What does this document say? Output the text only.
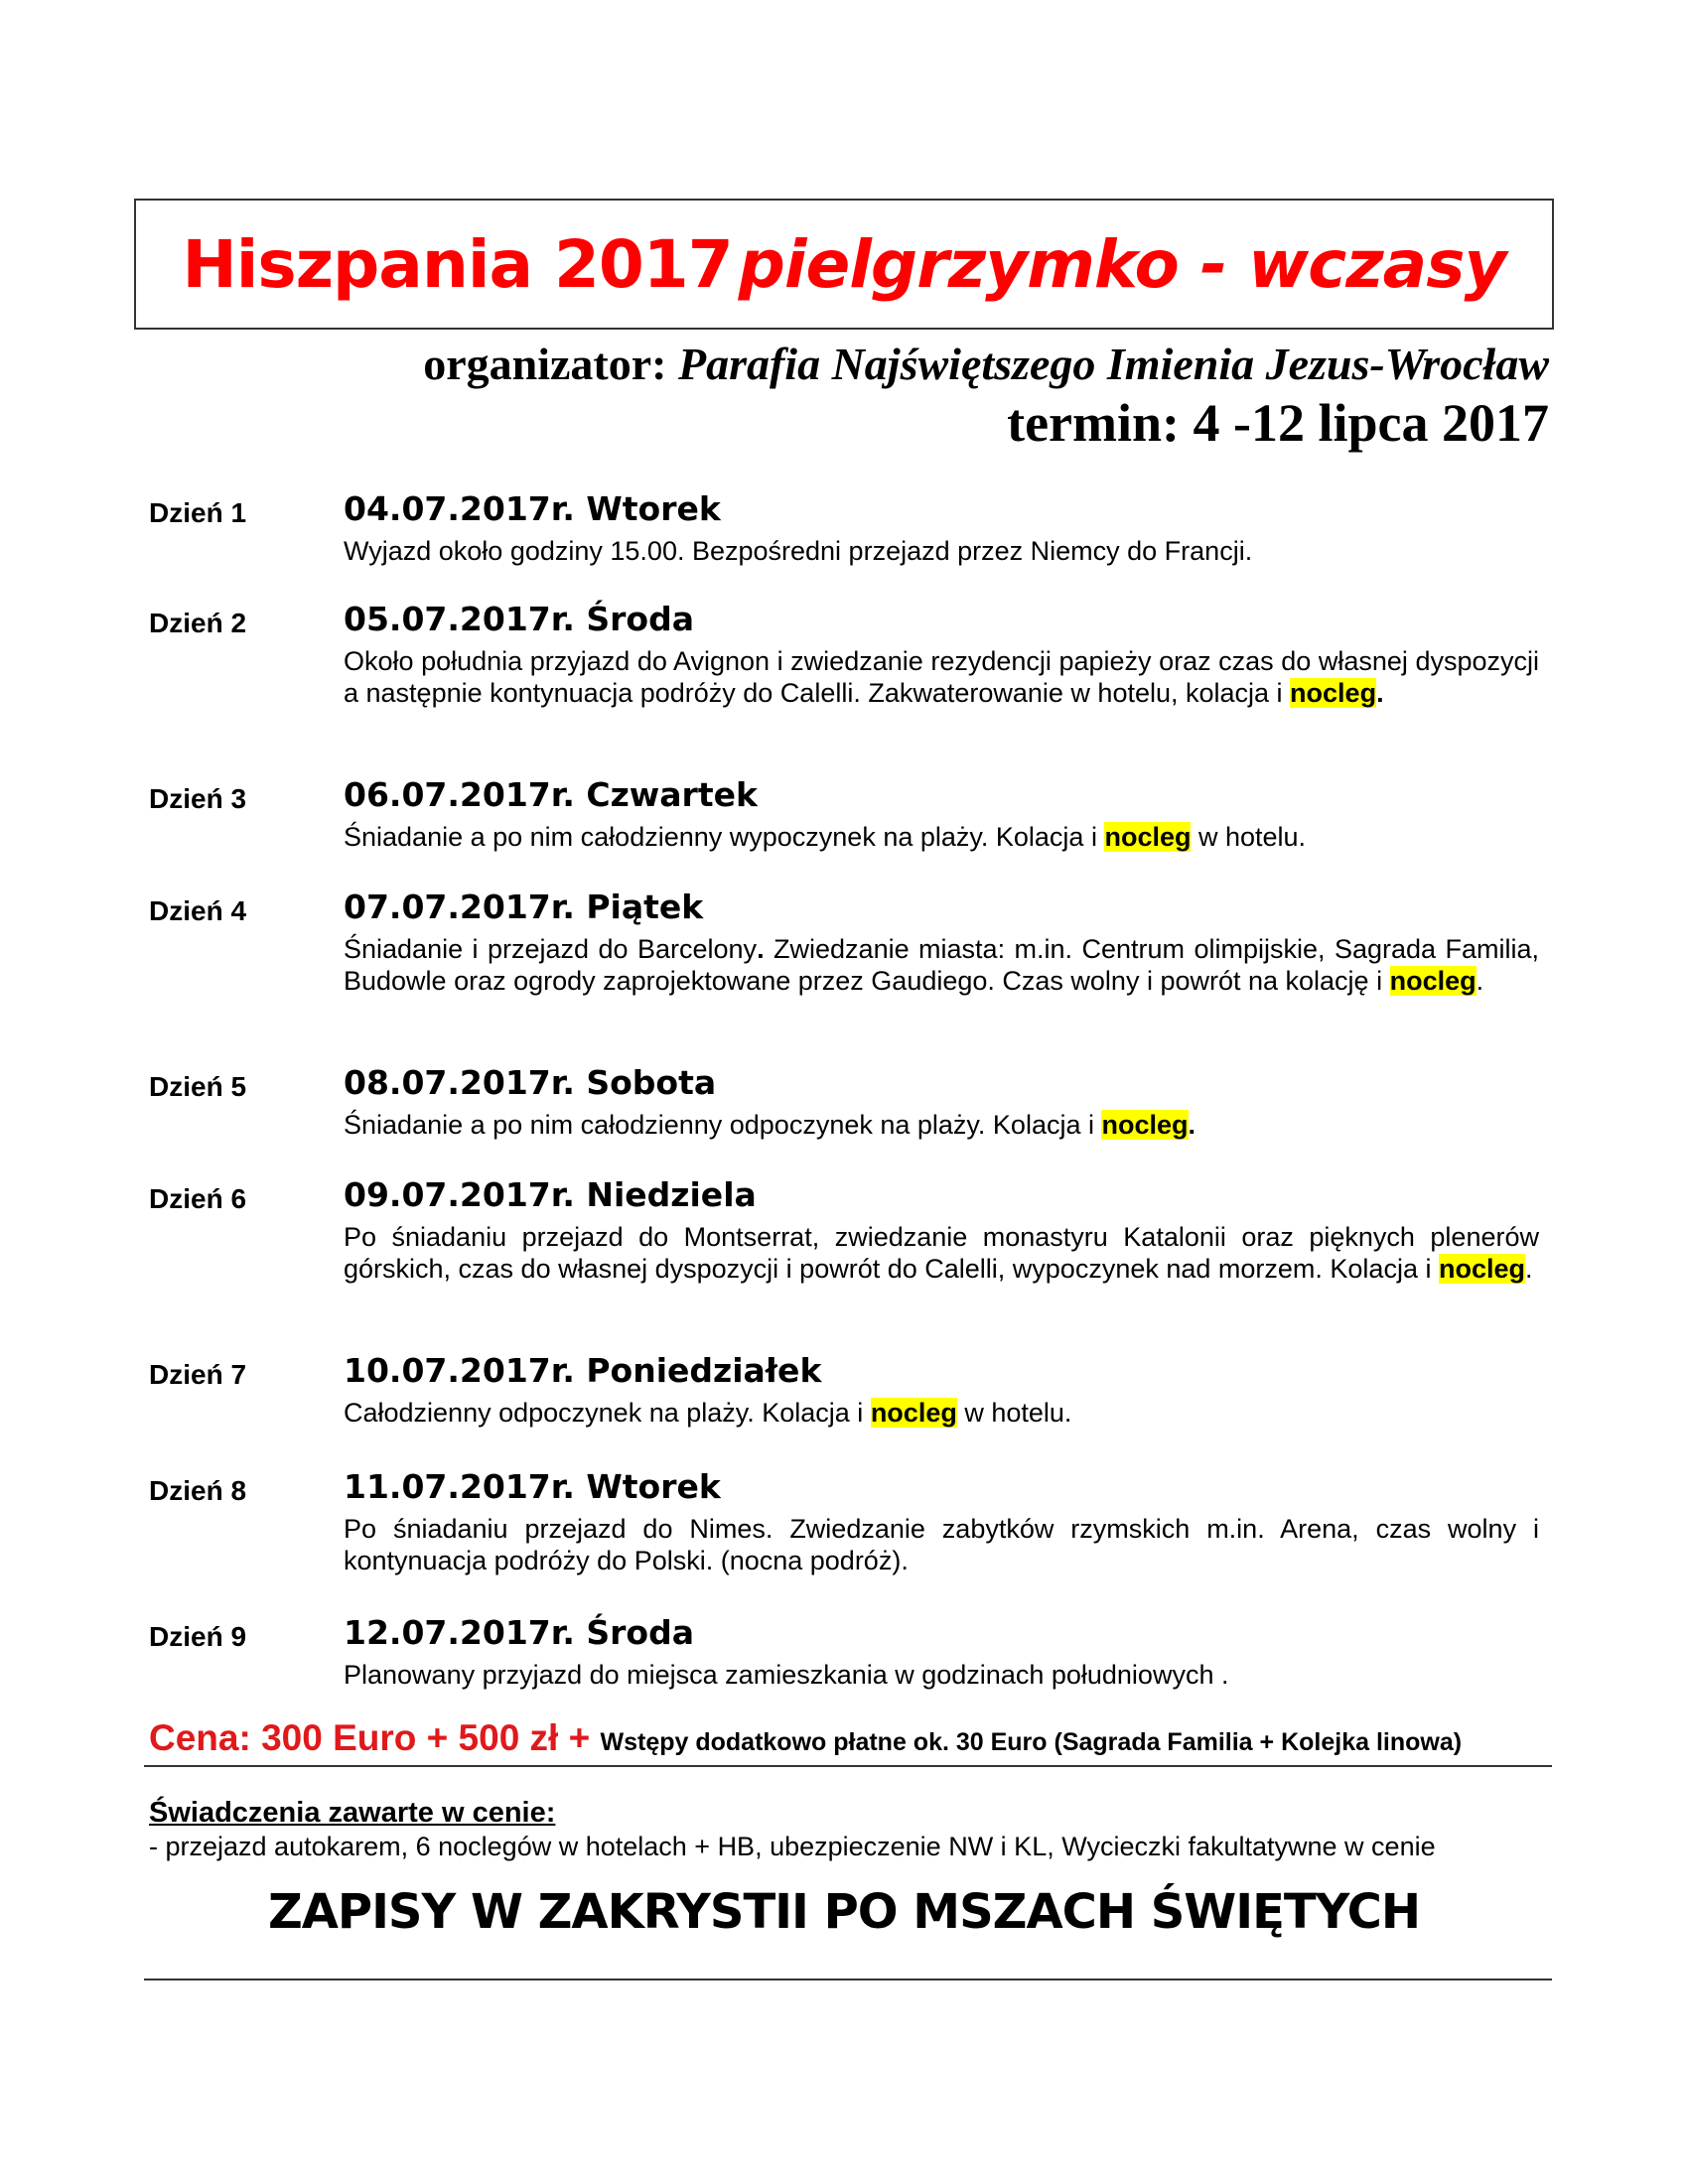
Hiszpania 2017pielgrzymko - wczasy
organizator: Parafia Najświętszego Imienia Jezus-Wrocław
termin: 4 -12 lipca 2017
Dzień 1	04.07.2017r. Wtorek
Wyjazd około godziny 15.00. Bezpośredni przejazd przez Niemcy do Francji.
Dzień 2	05.07.2017r. Środa
Około południa przyjazd do Avignon i zwiedzanie rezydencji papieży oraz czas do własnej dyspozycji a następnie kontynuacja podróży do Calelli. Zakwaterowanie w hotelu, kolacja i nocleg.
Dzień 3	06.07.2017r. Czwartek
Śniadanie a po nim całodzienny wypoczynek na plaży. Kolacja i nocleg w hotelu.
Dzień 4	07.07.2017r. Piątek
Śniadanie i przejazd do Barcelony. Zwiedzanie miasta: m.in. Centrum olimpijskie, Sagrada Familia, Budowle oraz ogrody zaprojektowane przez Gaudiego. Czas wolny i powrót na kolację i nocleg.
Dzień 5	08.07.2017r. Sobota
Śniadanie a po nim całodzienny odpoczynek na plaży. Kolacja i nocleg.
Dzień 6	09.07.2017r. Niedziela
Po śniadaniu przejazd do Montserrat, zwiedzanie monastyru Katalonii oraz pięknych plenerów górskich, czas do własnej dyspozycji i powrót do Calelli, wypoczynek nad morzem. Kolacja i nocleg.
Dzień 7	10.07.2017r. Poniedziałek
Całodzienny odpoczynek na plaży. Kolacja i nocleg w hotelu.
Dzień 8	11.07.2017r. Wtorek
Po śniadaniu przejazd do Nimes. Zwiedzanie zabytków rzymskich m.in. Arena, czas wolny i kontynuacja podróży do Polski. (nocna podróż).
Dzień 9	12.07.2017r. Środa
Planowany przyjazd do miejsca zamieszkania w godzinach południowych .
Cena: 300 Euro + 500 zł + Wstępy dodatkowo płatne ok. 30 Euro (Sagrada Familia + Kolejka linowa)
Świadczenia zawarte w cenie:
- przejazd autokarem, 6 noclegów w hotelach + HB, ubezpieczenie NW i KL, Wycieczki fakultatywne w cenie
ZAPISY W ZAKRYSTII PO MSZACH ŚWIĘTYCH
